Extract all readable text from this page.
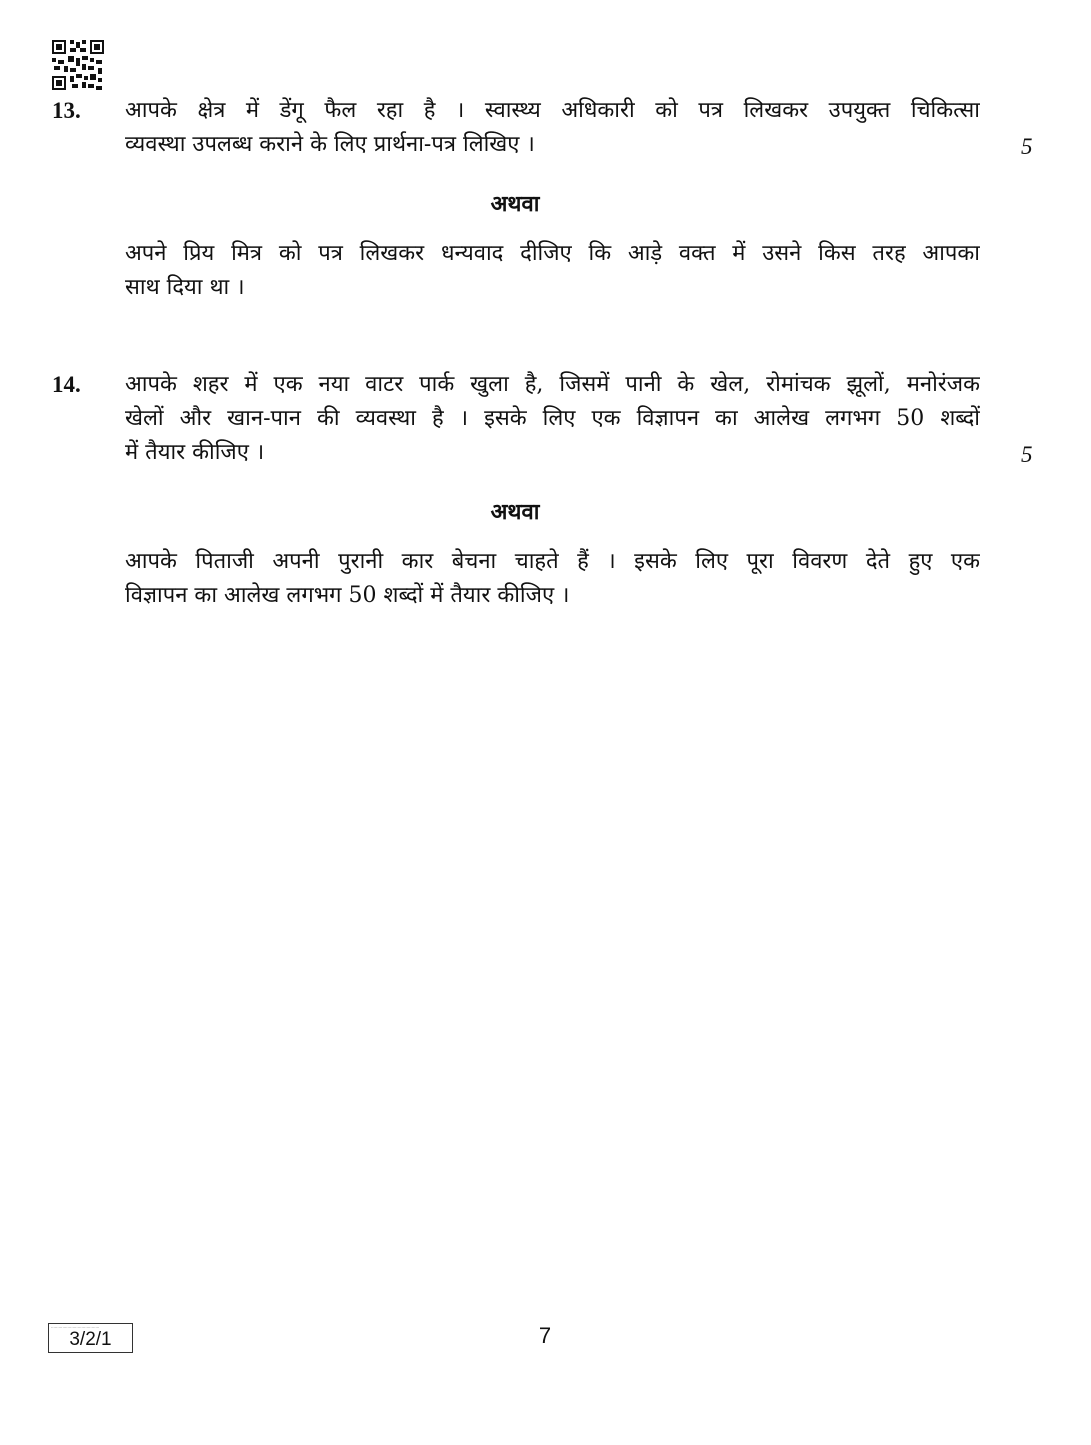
13. आपके क्षेत्र में डेंगू फैल रहा है । स्वास्थ्य अधिकारी को पत्र लिखकर उपयुक्त चिकित्सा
व्यवस्था उपलब्ध कराने के लिए प्रार्थना-पत्र लिखिए ।	5
अथवा
अपने प्रिय मित्र को पत्र लिखकर धन्यवाद दीजिए कि आड़े वक्त में उसने किस तरह आपका
साथ दिया था ।
14. आपके शहर में एक नया वाटर पार्क खुला है, जिसमें पानी के खेल, रोमांचक झूलों, मनोरंजक
खेलों और खान-पान की व्यवस्था है । इसके लिए एक विज्ञापन का आलेख लगभग 50 शब्दों
में तैयार कीजिए ।	5
अथवा
आपके पिताजी अपनी पुरानी कार बेचना चाहते हैं । इसके लिए पूरा विवरण देते हुए एक
विज्ञापन का आलेख लगभग 50 शब्दों में तैयार कीजिए ।
······································
3/2/1	7
